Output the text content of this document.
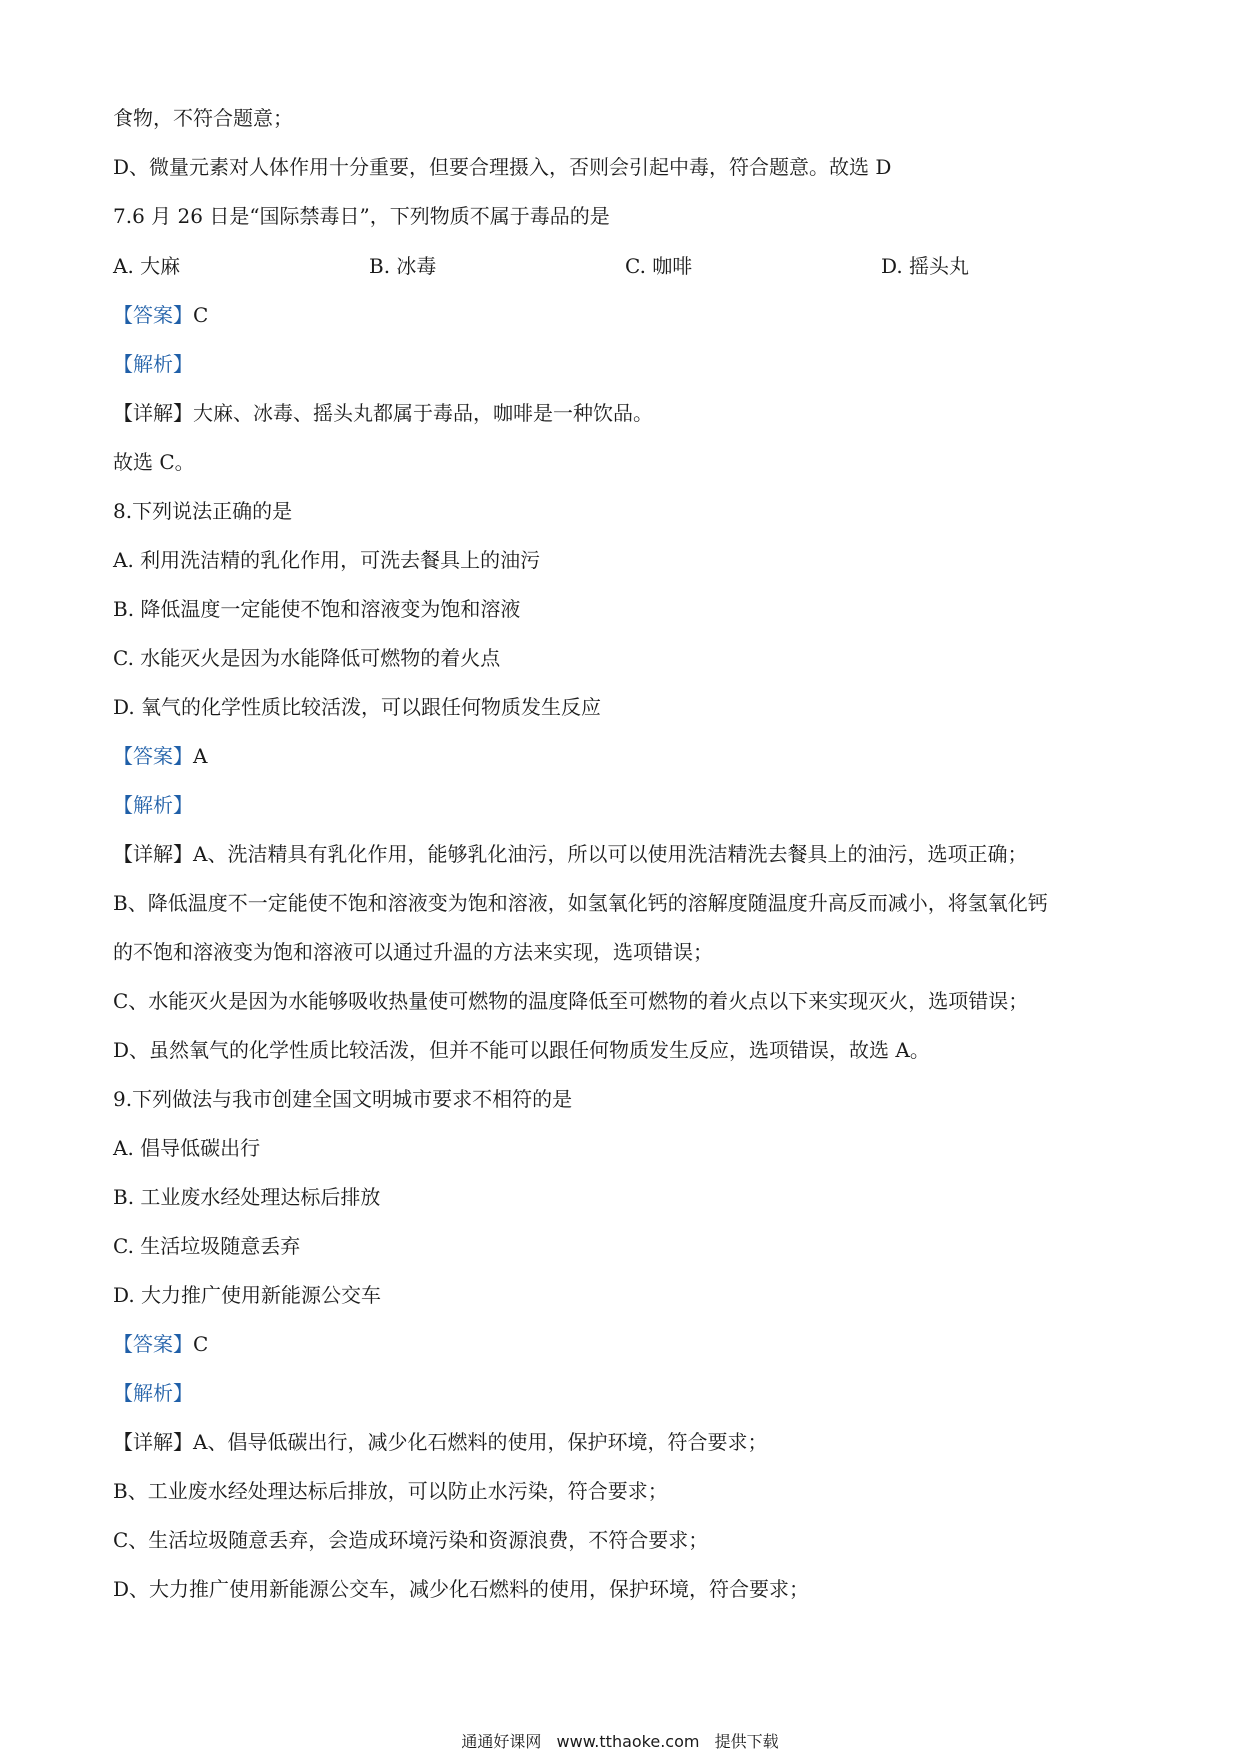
食物，不符合题意；
D、微量元素对人体作用十分重要，但要合理摄入，否则会引起中毒，符合题意。故选 D
7.6 月 26 日是“国际禁毒日”，下列物质不属于毒品的是
A. 大麻	B. 冰毒	C. 咖啡	D. 摇头丸
【答案】C
【解析】
【详解】大麻、冰毒、摇头丸都属于毒品，咖啡是一种饮品。
故选 C。
8.下列说法正确的是
A. 利用洗洁精的乳化作用，可洗去餐具上的油污
B. 降低温度一定能使不饱和溶液变为饱和溶液
C. 水能灭火是因为水能降低可燃物的着火点
D. 氧气的化学性质比较活泼，可以跟任何物质发生反应
【答案】A
【解析】
【详解】A、洗洁精具有乳化作用，能够乳化油污，所以可以使用洗洁精洗去餐具上的油污，选项正确；
B、降低温度不一定能使不饱和溶液变为饱和溶液，如氢氧化钙的溶解度随温度升高反而减小，将氢氧化钙
的不饱和溶液变为饱和溶液可以通过升温的方法来实现，选项错误；
C、水能灭火是因为水能够吸收热量使可燃物的温度降低至可燃物的着火点以下来实现灭火，选项错误；
D、虽然氧气的化学性质比较活泼，但并不能可以跟任何物质发生反应，选项错误，故选 A。
9.下列做法与我市创建全国文明城市要求不相符的是
A. 倡导低碳出行
B. 工业废水经处理达标后排放
C. 生活垃圾随意丢弃
D. 大力推广使用新能源公交车
【答案】C
【解析】
【详解】A、倡导低碳出行，减少化石燃料的使用，保护环境，符合要求；
B、工业废水经处理达标后排放，可以防止水污染，符合要求；
C、生活垃圾随意丢弃，会造成环境污染和资源浪费，不符合要求；
D、大力推广使用新能源公交车，减少化石燃料的使用，保护环境，符合要求；
通通好课网 www.tthaoke.com 提供下载
